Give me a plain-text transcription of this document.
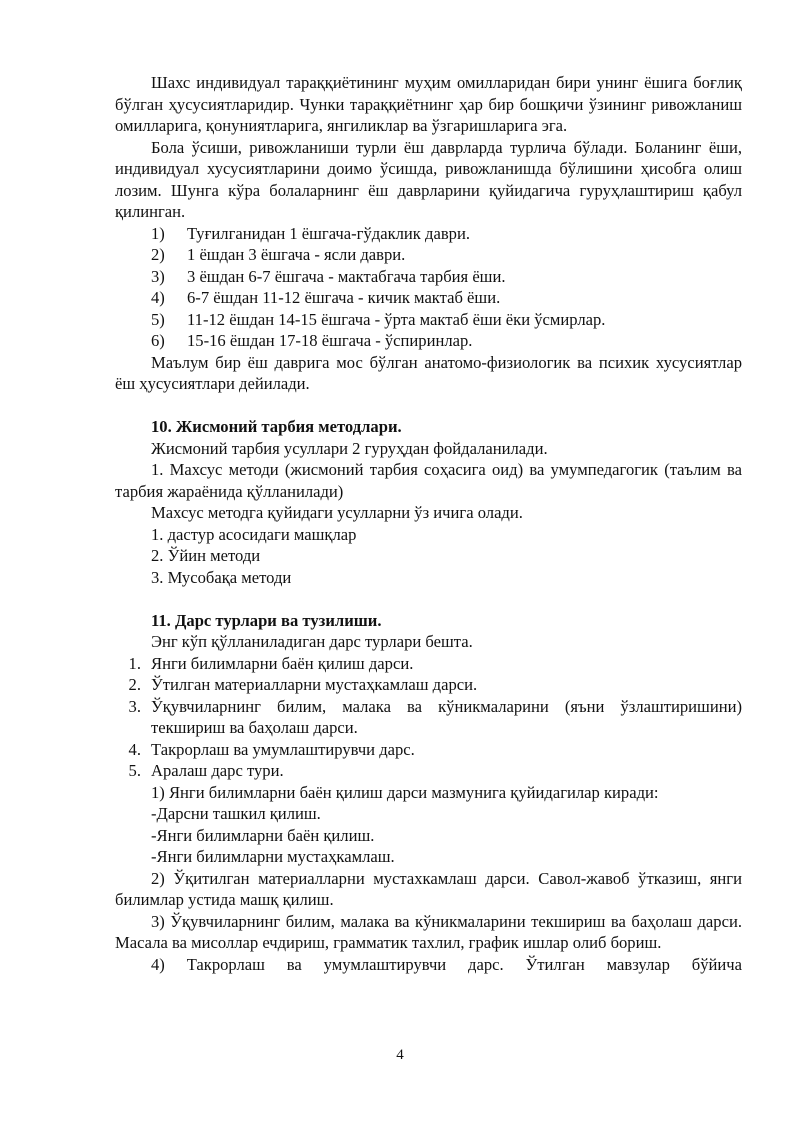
Шахс индивидуал тараққиётининг муҳим омилларидан бири унинг ёшига боғлиқ бўлган ҳусусиятларидир. Чунки тараққиётнинг ҳар бир бошқичи ўзининг ривожланиш омилларига, қонуниятларига, янгиликлар ва ўзгаришларига эга.

Бола ўсиши, ривожланиши турли ёш даврларда турлича бўлади. Боланинг ёши, индивидуал хусусиятларини доимо ўсишда, ривожланишда бўлишини ҳисобга олиш лозим. Шунга кўра болаларнинг ёш даврларини қуйидагича гуруҳлаштириш қабул қилинган.

1) Туғилганидан 1 ёшгача-гўдаклик даври.

2) 1 ёшдан 3 ёшгача - ясли даври.

3) 3 ёшдан 6-7 ёшгача - мактабгача тарбия ёши.

4) 6-7 ёшдан 11-12 ёшгача - кичик мактаб ёши.

5) 11-12 ёшдан 14-15 ёшгача - ўрта мактаб ёши ёки ўсмирлар.

6) 15-16 ёшдан 17-18 ёшгача - ўспиринлар.

Маълум бир ёш даврига мос бўлган анатомо-физиологик ва психик хусусиятлар ёш ҳусусиятлари дейилади.

10. Жисмоний тарбия методлари.

Жисмоний тарбия усуллари 2 гуруҳдан фойдаланилади.

1. Махсус методи (жисмоний тарбия соҳасига оид) ва умумпедагогик (таълим ва тарбия жараёнида қўлланилади)

Махсус методга қуйидаги усулларни ўз ичига олади.

1. дастур асосидаги машқлар

2. Ўйин методи

3. Мусобақа методи

11. Дарс турлари ва тузилиши.

Энг кўп қўлланиладиган дарс турлари бешта.

1. Янги билимларни баён қилиш дарси.
2. Ўтилган материалларни мустаҳкамлаш дарси.
3. Ўқувчиларнинг билим, малака ва кўникмаларини (яъни ўзлаштиришини) текшириш ва баҳолаш дарси.
4. Такрорлаш ва умумлаштирувчи дарс.
5. Аралаш дарс тури.

1) Янги билимларни баён қилиш дарси мазмунига қуйидагилар киради:

-Дарсни ташкил қилиш.

-Янги билимларни баён қилиш.

-Янги билимларни мустаҳкамлаш.

2) Ўқитилган материалларни мустахкамлаш дарси. Савол-жавоб ўтказиш, янги билимлар устида машқ қилиш.

3) Ўқувчиларнинг билим, малака ва кўникмаларини текшириш ва баҳолаш дарси. Масала ва мисоллар ечдириш, грамматик тахлил, график ишлар олиб бориш.

4) Такрорлаш ва умумлаштирувчи дарс. Ўтилган мавзулар бўйича

4
